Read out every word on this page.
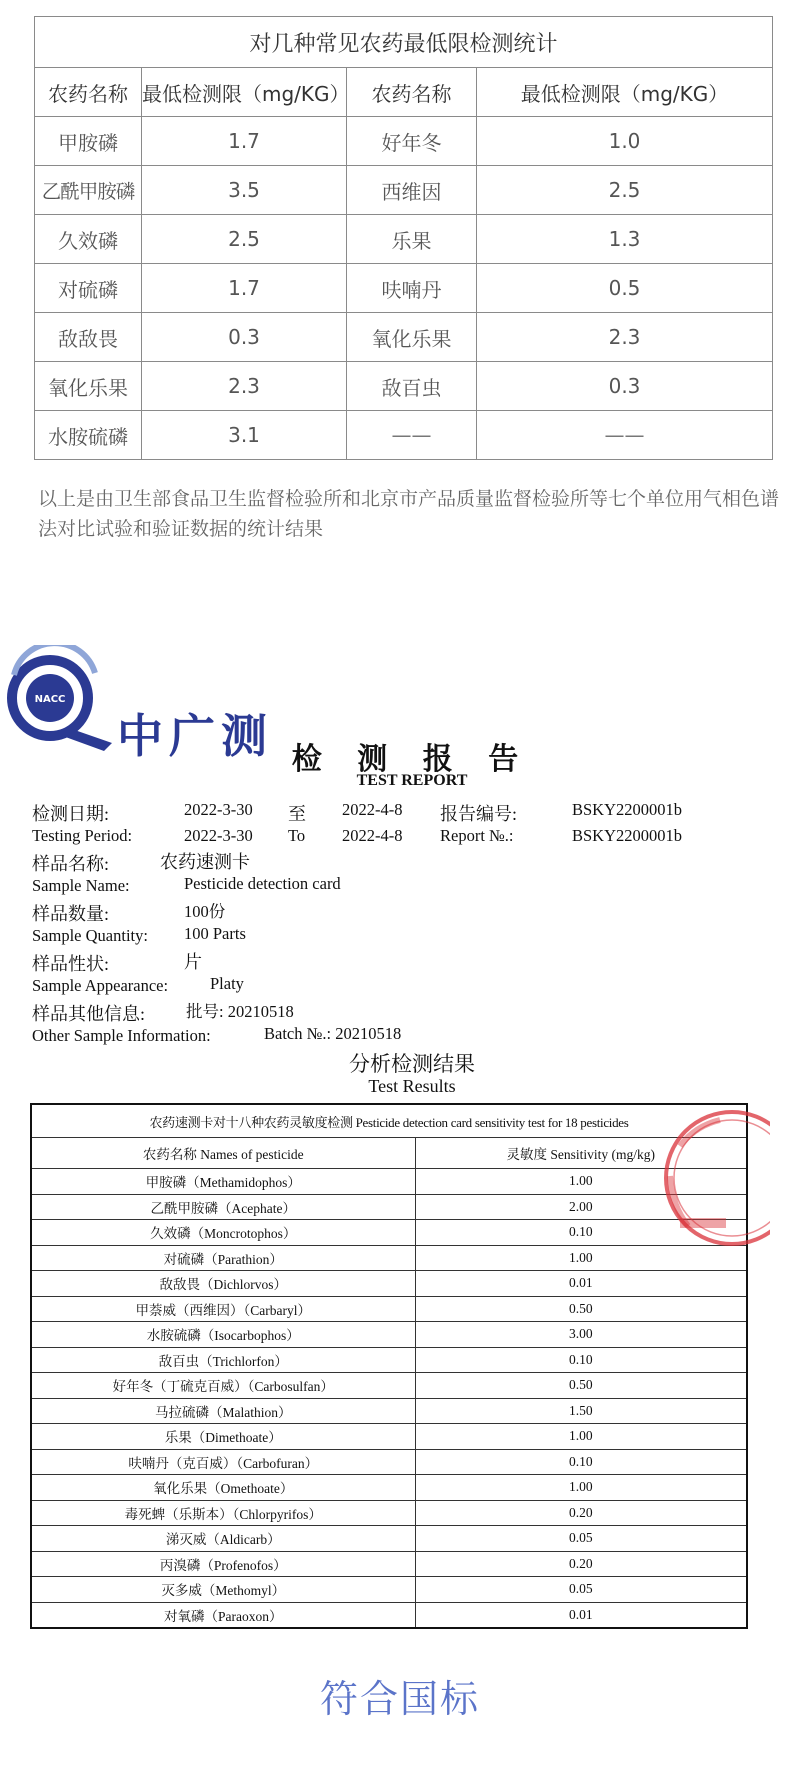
对几种常见农药最低限检测统计			
农药名称	最低检测限（mg/KG）	农药名称	最低检测限（mg/KG）
甲胺磷	1.7	好年冬	1.0
乙酰甲胺磷	3.5	西维因	2.5
久效磷	2.5	乐果	1.3
对硫磷	1.7	呋喃丹	0.5
敌敌畏	0.3	氧化乐果	2.3
氧化乐果	2.3	敌百虫	0.3
水胺硫磷	3.1	——	——

以上是由卫生部食品卫生监督检验所和北京市产品质量监督检验所等七个单位用气相色谱法对比试验和验证数据的统计结果

NACC
中广测 检 测 报 告
TEST REPORT
检测日期:	2022-3-30 至 2022-4-8 报告编号:	BSKY2200001b
Testing Period:	2022-3-30 To 2022-4-8 Report №.:	BSKY2200001b
样品名称:	农药速测卡
Sample Name:	Pesticide detection card
样品数量:	100份
Sample Quantity: 100 Parts
样品性状:	片
Sample Appearance:	Platy
样品其他信息: 批号: 20210518
Other Sample Information:	Batch №.: 20210518
分析检测结果
Test Results
农药速测卡对十八种农药灵敏度检测 Pesticide detection card sensitivity test for 18 pesticides	
农药名称 Names of pesticide	灵敏度 Sensitivity (mg/kg)
甲胺磷（Methamidophos）	1.00
乙酰甲胺磷（Acephate）	2.00
久效磷（Moncrotophos）	0.10
对硫磷（Parathion）	1.00
敌敌畏（Dichlorvos）	0.01
甲萘威（西维因）（Carbaryl）	0.50
水胺硫磷（Isocarbophos）	3.00
敌百虫（Trichlorfon）	0.10
好年冬（丁硫克百威）（Carbosulfan）	0.50
马拉硫磷（Malathion）	1.50
乐果（Dimethoate）	1.00
呋喃丹（克百威）（Carbofuran）	0.10
氧化乐果（Omethoate）	1.00
毒死蜱（乐斯本）（Chlorpyrifos）	0.20
涕灭威（Aldicarb）	0.05
丙溴磷（Profenofos）	0.20
灭多威（Methomyl）	0.05
对氧磷（Paraoxon）	0.01
符合国标
